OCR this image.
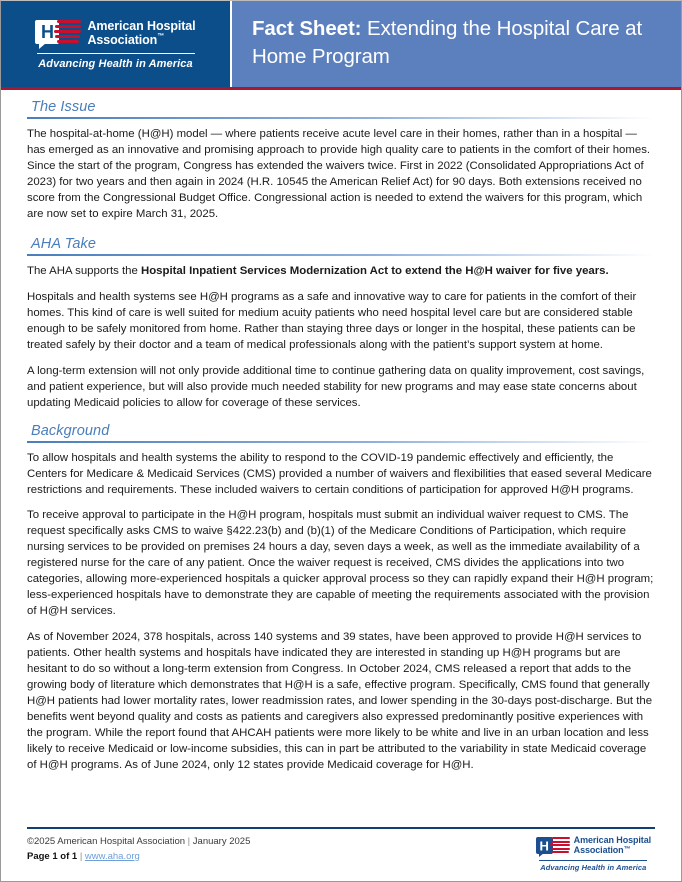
H
American Hospital
Association™
Advancing Health in America
Fact Sheet: Extending the Hospital Care at Home Program
The Issue

The hospital-at-home (H@H) model — where patients receive acute level care in their homes, rather than in a hospital — has emerged as an innovative and promising approach to provide high quality care to patients in the comfort of their homes. Since the start of the program, Congress has extended the waivers twice. First in 2022 (Consolidated Appropriations Act of 2023) for two years and then again in 2024 (H.R. 10545 the American Relief Act) for 90 days. Both extensions received no score from the Congressional Budget Office. Congressional action is needed to extend the waivers for this program, which are now set to expire March 31, 2025.

AHA Take

The AHA supports the Hospital Inpatient Services Modernization Act to extend the H@H waiver for five years.

Hospitals and health systems see H@H programs as a safe and innovative way to care for patients in the comfort of their homes. This kind of care is well suited for medium acuity patients who need hospital level care but are considered stable enough to be safely monitored from home. Rather than staying three days or longer in the hospital, these patients can be treated safely by their doctor and a team of medical professionals along with the patient’s support system at home.

A long-term extension will not only provide additional time to continue gathering data on quality improvement, cost savings, and patient experience, but will also provide much needed stability for new programs and may ease state concerns about updating Medicaid policies to allow for coverage of these services.

Background

To allow hospitals and health systems the ability to respond to the COVID-19 pandemic effectively and efficiently, the Centers for Medicare & Medicaid Services (CMS) provided a number of waivers and flexibilities that eased several Medicare restrictions and requirements. These included waivers to certain conditions of participation for approved H@H programs.

To receive approval to participate in the H@H program, hospitals must submit an individual waiver request to CMS. The request specifically asks CMS to waive §422.23(b) and (b)(1) of the Medicare Conditions of Participation, which require nursing services to be provided on premises 24 hours a day, seven days a week, as well as the immediate availability of a registered nurse for the care of any patient. Once the waiver request is received, CMS divides the applications into two categories, allowing more-experienced hospitals a quicker approval process so they can rapidly expand their H@H program; less-experienced hospitals have to demonstrate they are capable of meeting the requirements associated with the provision of H@H services.

As of November 2024, 378 hospitals, across 140 systems and 39 states, have been approved to provide H@H services to patients. Other health systems and hospitals have indicated they are interested in standing up H@H programs but are hesitant to do so without a long-term extension from Congress. In October 2024, CMS released a report that adds to the growing body of literature which demonstrates that H@H is a safe, effective program. Specifically, CMS found that generally H@H patients had lower mortality rates, lower readmission rates, and lower spending in the 30-days post-discharge. But the benefits went beyond quality and costs as patients and caregivers also expressed predominantly positive experiences with the program. While the report found that AHCAH patients were more likely to be white and live in an urban location and less likely to receive Medicaid or low-income subsidies, this can in part be attributed to the variability in state Medicaid coverage of H@H programs. As of June 2024, only 12 states provide Medicaid coverage for H@H.

©2025 American Hospital Association | January 2025
Page 1 of 1 | www.aha.org
H
American Hospital
Association™
Advancing Health in America
